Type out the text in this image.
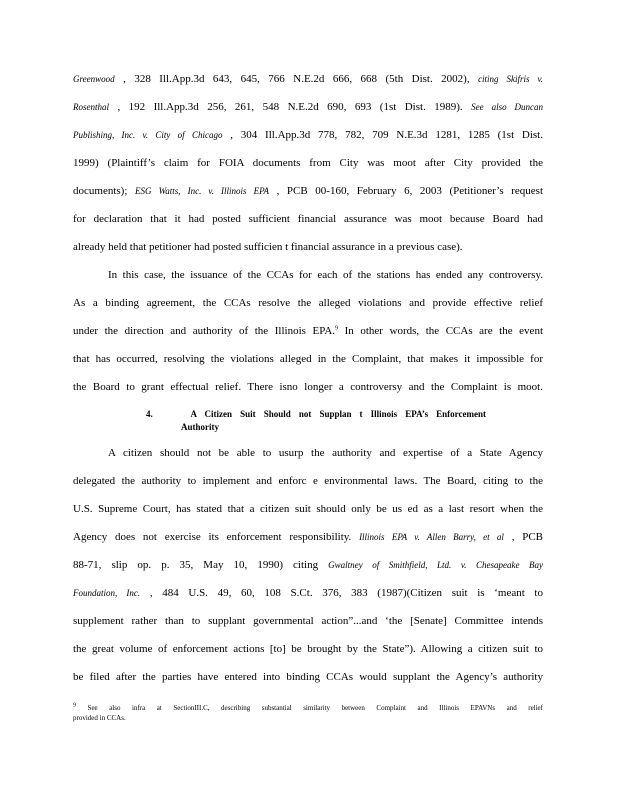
Greenwood , 328 Ill.App.3d 643, 645, 766 N.E.2d 666, 668 (5th Dist. 2002), citing Skifris v.
Rosenthal , 192 Ill.App.3d 256, 261, 548 N.E.2d 690, 693 (1st Dist. 1989). See also Duncan
Publishing, Inc. v. City of Chicago , 304 Ill.App.3d 778, 782, 709 N.E.3d 1281, 1285 (1st Dist.
1999) (Plaintiff’s claim for FOIA documents from City was moot after City provided the
documents); ESG Watts, Inc. v. Illinois EPA , PCB 00-160, February 6, 2003 (Petitioner’s request
for declaration that it had posted sufficient financial assurance was moot because Board had
already held that petitioner had posted sufficien t financial assurance in a previous case).
In this case, the issuance of the CCAs for each of the stations has ended any controversy.
As a binding agreement, the CCAs resolve the alleged violations and provide effective relief
under the direction and authority of the Illinois EPA.$^9$ In other words, the CCAs are the event
that has occurred, resolving the violations alleged in the Complaint, that makes it impossible for
the Board to grant effectual relief. There isno longer a controversy and the Complaint is moot.
4.	A Citizen Suit Should not Supplan t Illinois EPA’s Enforcement
Authority
A citizen should not be able to usurp the authority and expertise of a State Agency
delegated the authority to implement and enforc e environmental laws. The Board, citing to the
U.S. Supreme Court, has stated that a citizen suit should only be us ed as a last resort when the
Agency does not exercise its enforcement responsibility. Illinois EPA v. Allen Barry, et al , PCB
88-71, slip op. p. 35, May 10, 1990) citing Gwaltney of Smithfield, Ltd. v. Chesapeake Bay
Foundation, Inc. , 484 U.S. 49, 60, 108 S.Ct. 376, 383 (1987)(Citizen suit is ‘meant to
supplement rather than to supplant governmental action”...and ‘the [Senate] Committee intends
the great volume of enforcement actions [to] be brought by the State”). Allowing a citizen suit to
be filed after the parties have entered into binding CCAs would supplant the Agency’s authority
$^9$ See also infra at SectionIII.C, describing substantial similarity between Complaint and Illinois EPAVNs and relief
provided in CCAs.
